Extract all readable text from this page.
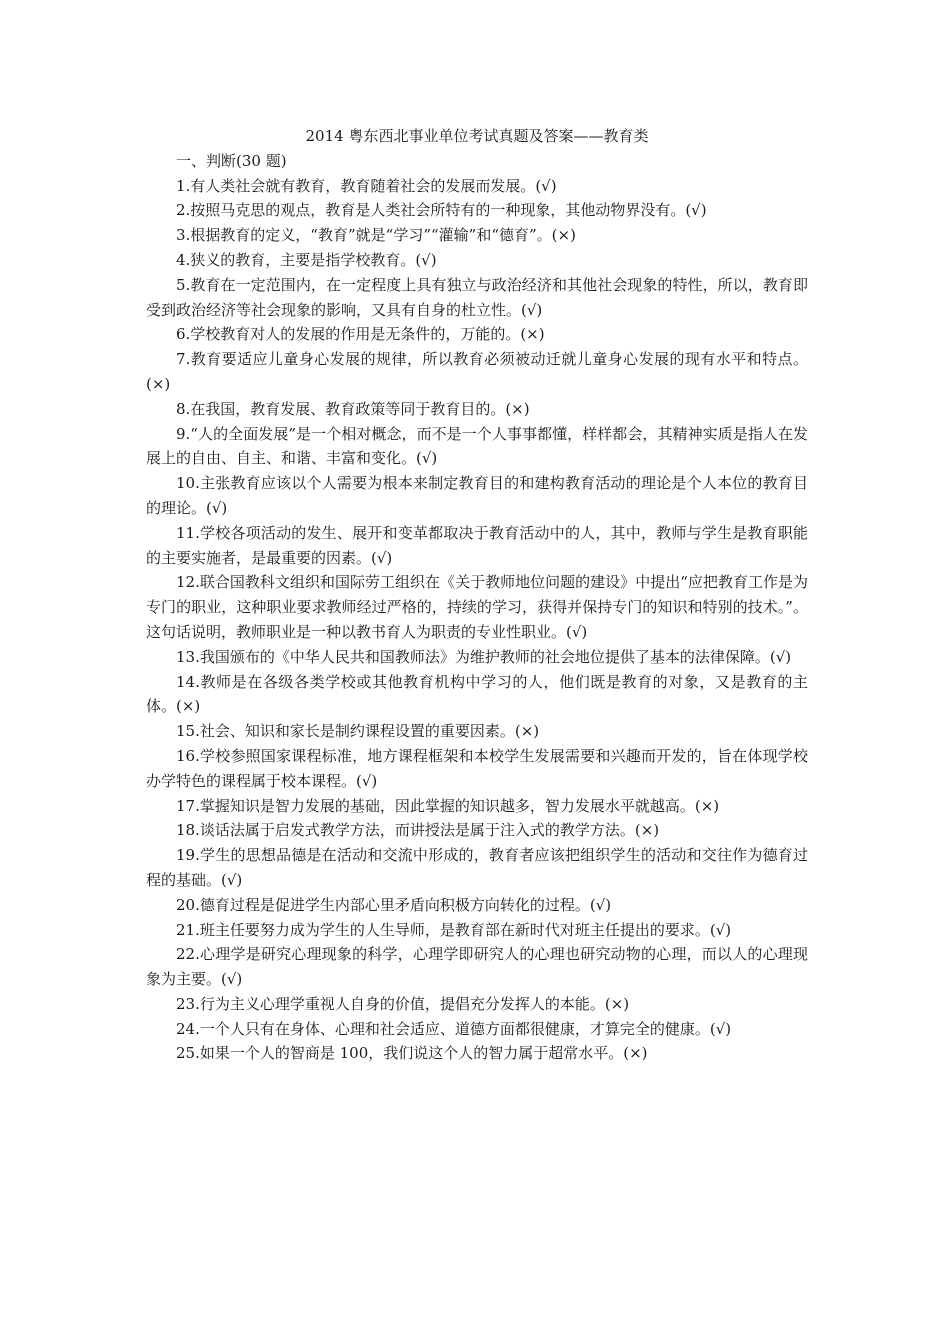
2014 粤东西北事业单位考试真题及答案——教育类

一、判断(30 题)

1.有人类社会就有教育，教育随着社会的发展而发展。(√)

2.按照马克思的观点，教育是人类社会所特有的一种现象，其他动物界没有。(√)

3.根据教育的定义，“教育”就是“学习”“灌输”和“德育”。(×)

4.狭义的教育，主要是指学校教育。(√)

5.教育在一定范围内，在一定程度上具有独立与政治经济和其他社会现象的特性，所以，教育即受到政治经济等社会现象的影响，又具有自身的杜立性。(√)

6.学校教育对人的发展的作用是无条件的，万能的。(×)

7.教育要适应儿童身心发展的规律，所以教育必须被动迁就儿童身心发展的现有水平和特点。(×)

8.在我国，教育发展、教育政策等同于教育目的。(×)

9.“人的全面发展”是一个相对概念，而不是一个人事事都懂，样样都会，其精神实质是指人在发展上的自由、自主、和谐、丰富和变化。(√)

10.主张教育应该以个人需要为根本来制定教育目的和建构教育活动的理论是个人本位的教育目的理论。(√)

11.学校各项活动的发生、展开和变革都取决于教育活动中的人，其中，教师与学生是教育职能的主要实施者，是最重要的因素。(√)

12.联合国教科文组织和国际劳工组织在《关于教师地位问题的建设》中提出“应把教育工作是为专门的职业，这种职业要求教师经过严格的，持续的学习，获得并保持专门的知识和特别的技术。”。这句话说明，教师职业是一种以教书育人为职责的专业性职业。(√)

13.我国颁布的《中华人民共和国教师法》为维护教师的社会地位提供了基本的法律保障。(√)

14.教师是在各级各类学校或其他教育机构中学习的人，他们既是教育的对象，又是教育的主体。(×)

15.社会、知识和家长是制约课程设置的重要因素。(×)

16.学校参照国家课程标准，地方课程框架和本校学生发展需要和兴趣而开发的，旨在体现学校办学特色的课程属于校本课程。(√)

17.掌握知识是智力发展的基础，因此掌握的知识越多，智力发展水平就越高。(×)

18.谈话法属于启发式教学方法，而讲授法是属于注入式的教学方法。(×)

19.学生的思想品德是在活动和交流中形成的，教育者应该把组织学生的活动和交往作为德育过程的基础。(√)

20.德育过程是促进学生内部心里矛盾向积极方向转化的过程。(√)

21.班主任要努力成为学生的人生导师，是教育部在新时代对班主任提出的要求。(√)

22.心理学是研究心理现象的科学，心理学即研究人的心理也研究动物的心理，而以人的心理现象为主要。(√)

23.行为主义心理学重视人自身的价值，提倡充分发挥人的本能。(×)

24.一个人只有在身体、心理和社会适应、道德方面都很健康，才算完全的健康。(√)

25.如果一个人的智商是 100，我们说这个人的智力属于超常水平。(×)
